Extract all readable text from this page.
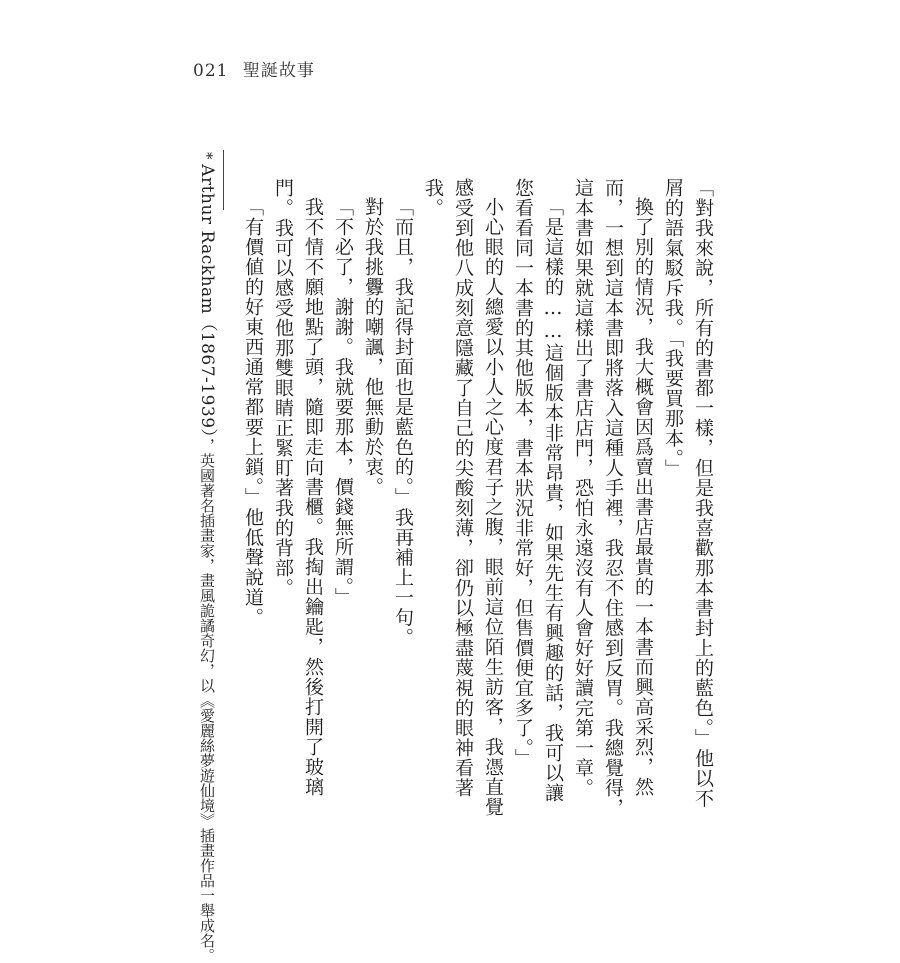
021 聖誕故事

「對我來說，所有的書都一樣，但是我喜歡那本書封上的藍色。」他以不屑的語氣駁斥我。「我要買那本。」

換了別的情況，我大概會因爲賣出書店最貴的一本書而興高采烈，然而，一想到這本書即將落入這種人手裡，我忍不住感到反胃。我總覺得，這本書如果就這樣出了書店店門，恐怕永遠沒有人會好好讀完第一章。

「是這樣的……這個版本非常昂貴，如果先生有興趣的話，我可以讓您看看同一本書的其他版本，書本狀況非常好，但售價便宜多了。」

小心眼的人總愛以小人之心度君子之腹，眼前這位陌生訪客，我憑直覺感受到他八成刻意隱藏了自己的尖酸刻薄，卻仍以極盡蔑視的眼神看著我。

「而且，我記得封面也是藍色的。」我再補上一句。

對於我挑釁的嘲諷，他無動於衷。

「不必了，謝謝。我就要那本，價錢無所謂。」

我不情不願地點了頭，隨即走向書櫃。我掏出鑰匙，然後打開了玻璃門。我可以感受他那雙眼睛正緊盯著我的背部。

「有價値的好東西通常都要上鎖。」他低聲說道。

* Arthur Rackham（1867-1939），英國著名插畫家，畫風詭譎奇幻，以《愛麗絲夢遊仙境》插畫作品一舉成名。
